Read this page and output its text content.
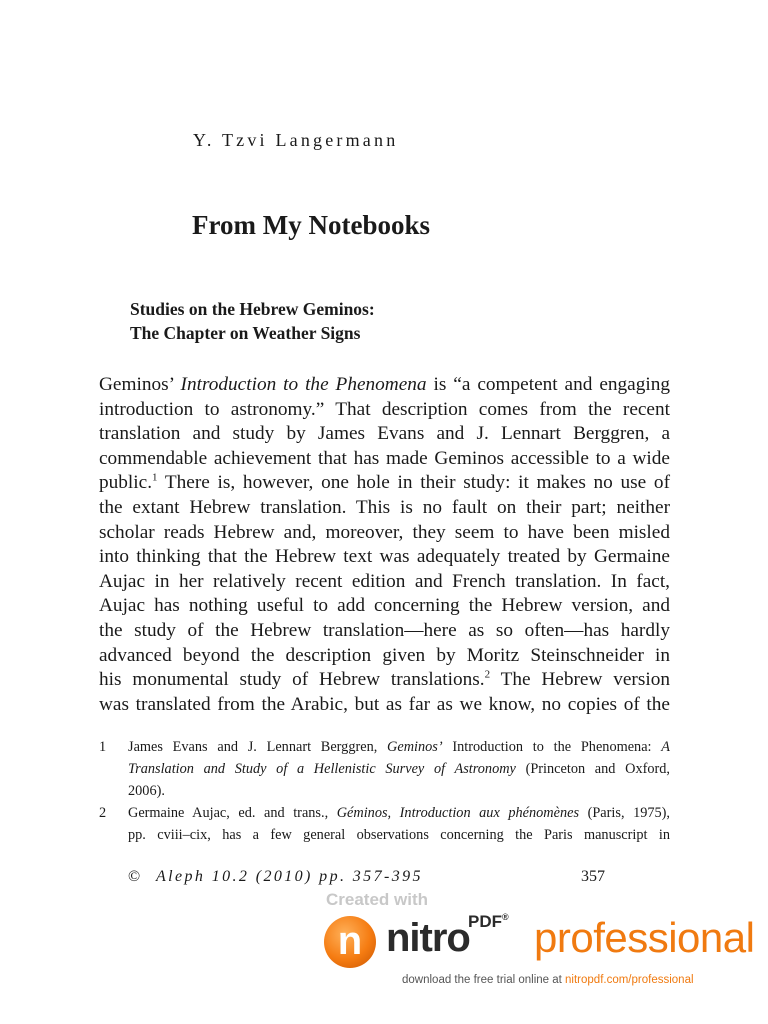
Y. Tzvi Langermann
From My Notebooks
Studies on the Hebrew Geminos:
The Chapter on Weather Signs
Geminos’ Introduction to the Phenomena is “a competent and engaging
introduction to astronomy.” That description comes from the recent
translation and study by James Evans and J. Lennart Berggren, a
commendable achievement that has made Geminos accessible to a wide
public.$^1$ There is, however, one hole in their study: it makes no use of
the extant Hebrew translation. This is no fault on their part; neither
scholar reads Hebrew and, moreover, they seem to have been misled
into thinking that the Hebrew text was adequately treated by Germaine
Aujac in her relatively recent edition and French translation. In fact,
Aujac has nothing useful to add concerning the Hebrew version, and
the study of the Hebrew translation—here as so often—has hardly
advanced beyond the description given by Moritz Steinschneider in
his monumental study of Hebrew translations.$^2$ The Hebrew version
was translated from the Arabic, but as far as we know, no copies of the
1 James Evans and J. Lennart Berggren, Geminos’ Introduction to the Phenomena: A
Translation and Study of a Hellenistic Survey of Astronomy (Princeton and Oxford,
2006).
2 Germaine Aujac, ed. and trans., Géminos, Introduction aux phénomènes (Paris, 1975),
pp. cviii–cix, has a few general observations concerning the Paris manuscript in
© Aleph 10.2 (2010) pp. 357-395	357
Created with
n nitro
PDF® professional
download the free trial online at nitropdf.com/professional
